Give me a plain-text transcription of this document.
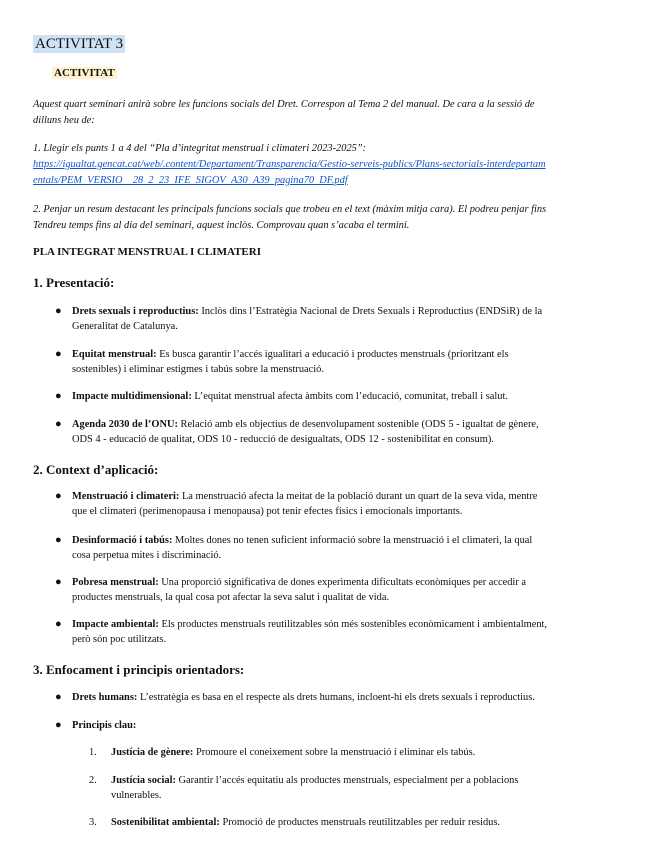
ACTIVITAT 3
ACTIVITAT
Aquest quart seminari anirà sobre les funcions socials del Dret. Correspon al Tema 2 del manual. De cara a la sessió de
dilluns heu de:
1. Llegir els punts 1 a 4 del “Pla d’integritat menstrual i climateri 2023-2025”:
https://igualtat.gencat.cat/web/.content/Departament/Transparencia/Gestio-serveis-publics/Plans-sectorials-interdepartam
entals/PEM_VERSIO__28_2_23_IFE_SIGOV_A30_A39_pagina70_DF.pdf
2. Penjar un resum destacant les principals funcions socials que trobeu en el text (màxim mitja cara). El podreu penjar fins
Tendreu temps fins al dia del seminari, aquest inclòs. Comprovau quan s’acaba el termini.
PLA INTEGRAT MENSTRUAL I CLIMATERI
1. Presentació:
● Drets sexuals i reproductius: Inclòs dins l’Estratègia Nacional de Drets Sexuals i Reproductius (ENDSiR) de la
Generalitat de Catalunya.
● Equitat menstrual: Es busca garantir l’accés igualitari a educació i productes menstruals (prioritzant els
sostenibles) i eliminar estigmes i tabús sobre la menstruació.
● Impacte multidimensional: L’equitat menstrual afecta àmbits com l’educació, comunitat, treball i salut.
● Agenda 2030 de l’ONU: Relació amb els objectius de desenvolupament sostenible (ODS 5 - igualtat de gènere,
ODS 4 - educació de qualitat, ODS 10 - reducció de desigualtats, ODS 12 - sostenibilitat en consum).
2. Context d’aplicació:
● Menstruació i climateri: La menstruació afecta la meitat de la població durant un quart de la seva vida, mentre
que el climateri (perimenopausa i menopausa) pot tenir efectes físics i emocionals importants.
● Desinformació i tabús: Moltes dones no tenen suficient informació sobre la menstruació i el climateri, la qual
cosa perpetua mites i discriminació.
● Pobresa menstrual: Una proporció significativa de dones experimenta dificultats econòmiques per accedir a
productes menstruals, la qual cosa pot afectar la seva salut i qualitat de vida.
● Impacte ambiental: Els productes menstruals reutilitzables són més sostenibles econòmicament i ambientalment,
però són poc utilitzats.
3. Enfocament i principis orientadors:
● Drets humans: L’estratègia es basa en el respecte als drets humans, incloent-hi els drets sexuals i reproductius.
● Principis clau:
1. Justícia de gènere: Promoure el coneixement sobre la menstruació i eliminar els tabús.
2. Justícia social: Garantir l’accés equitatiu als productes menstruals, especialment per a poblacions
vulnerables.
3. Sostenibilitat ambiental: Promoció de productes menstruals reutilitzables per reduir residus.
